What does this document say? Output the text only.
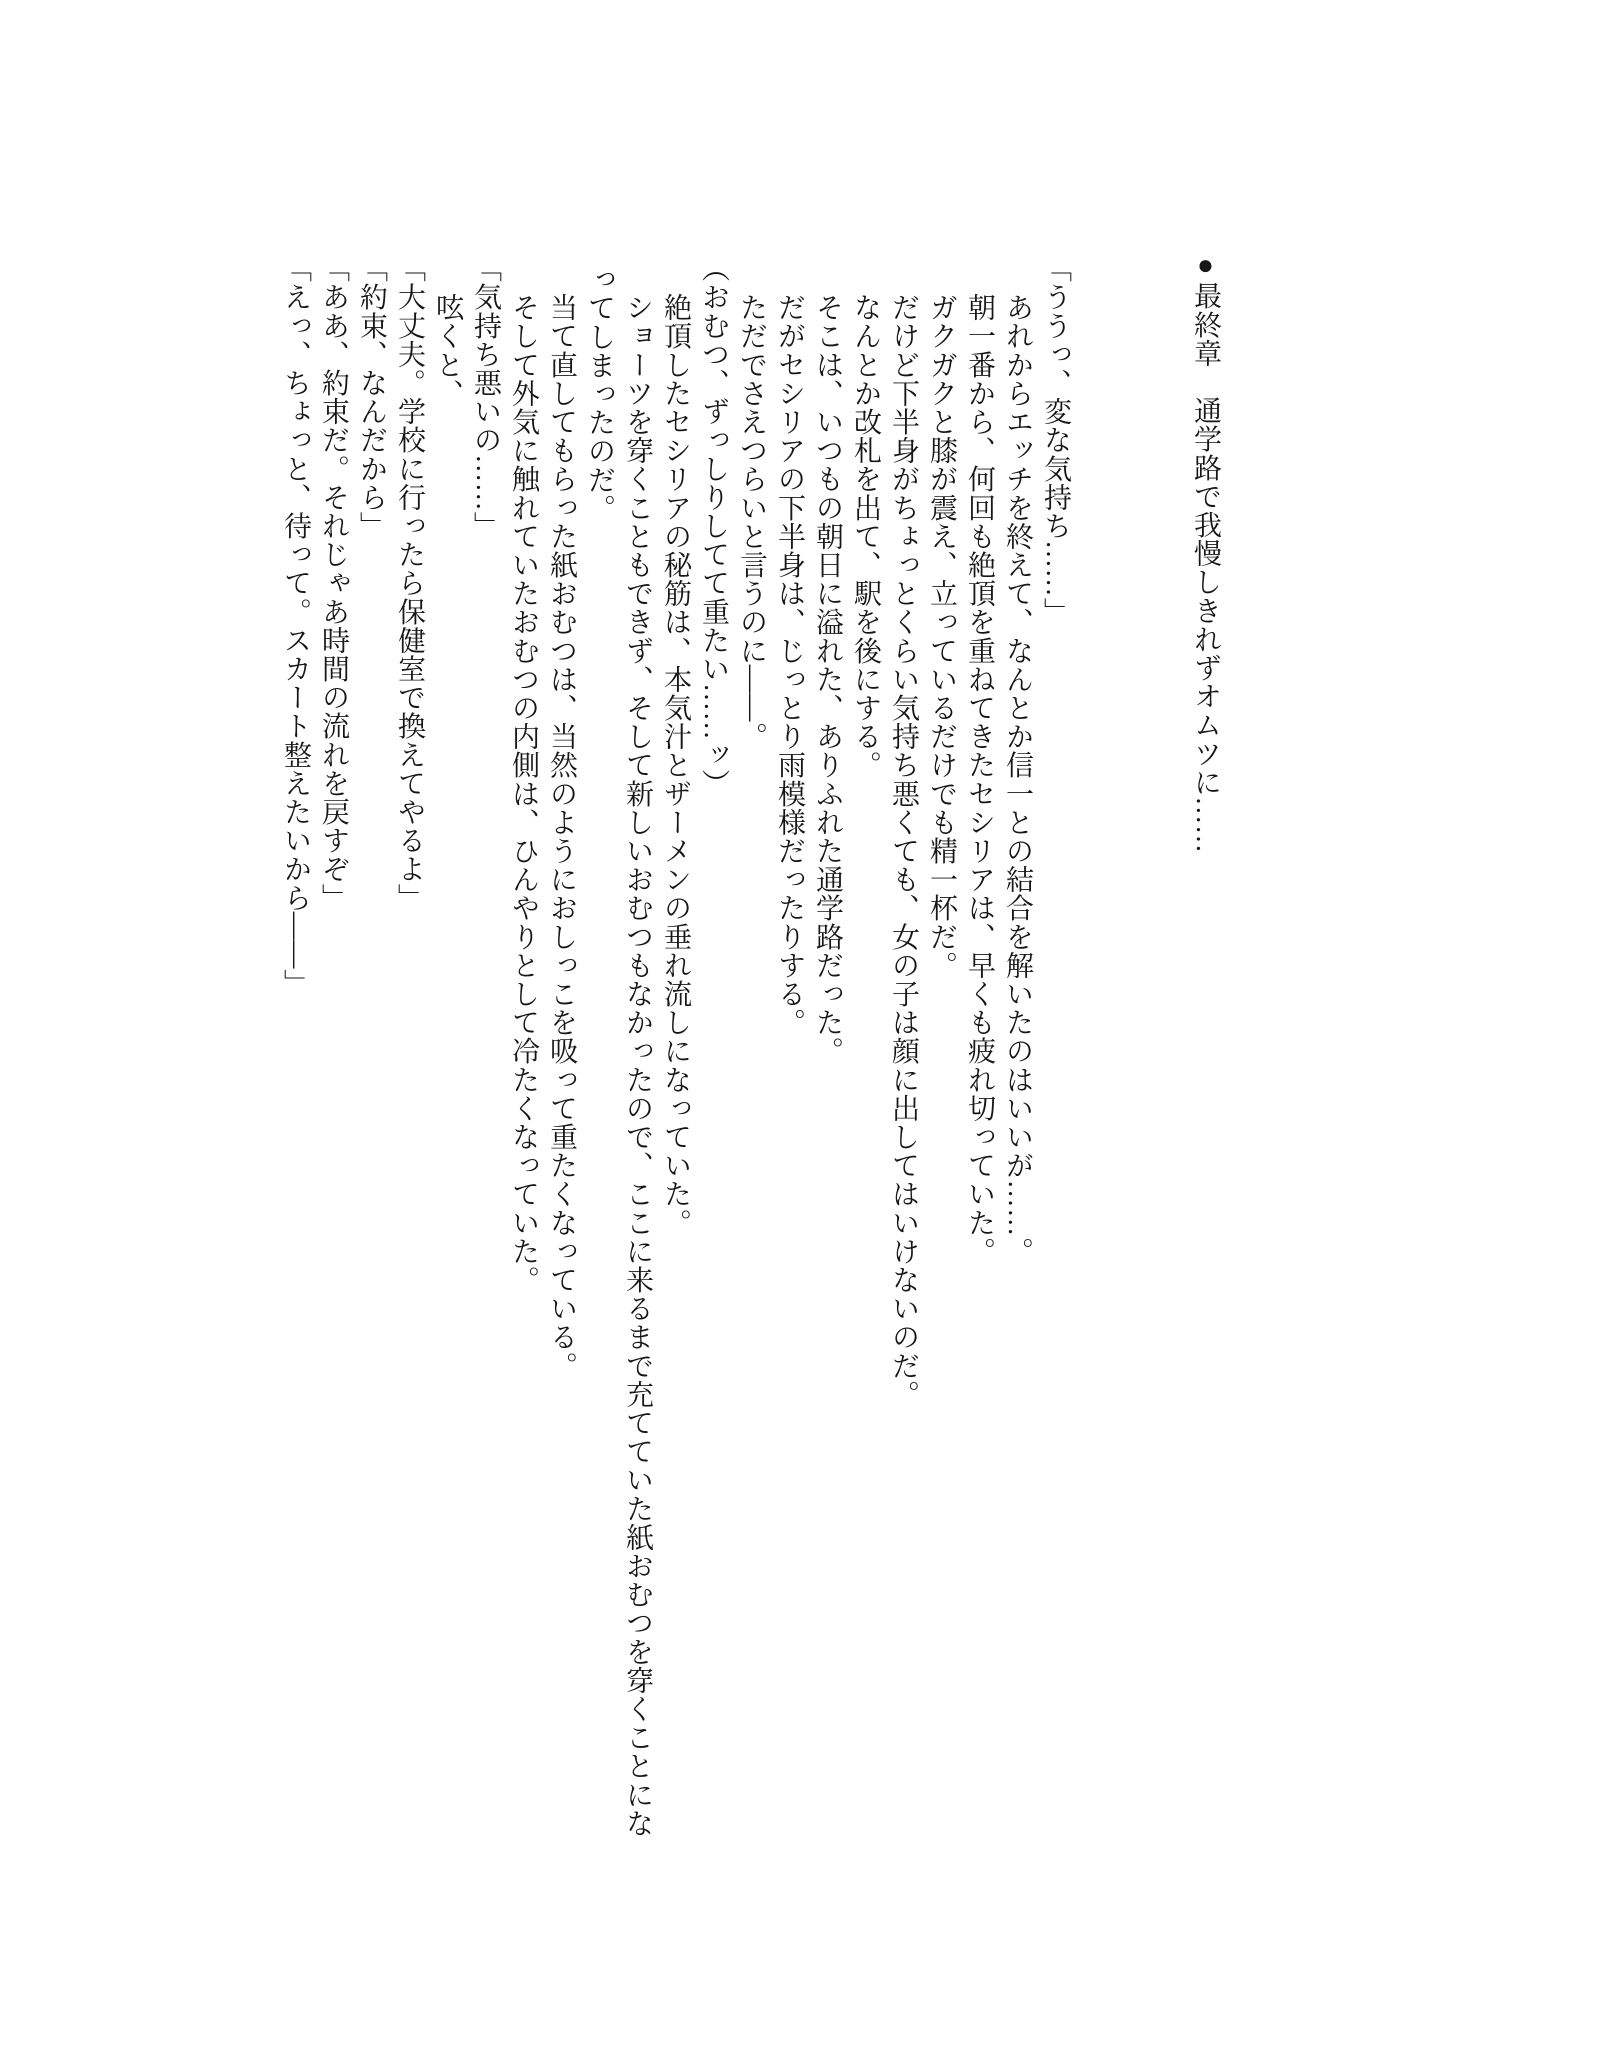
●最終章　通学路で我慢しきれずオムツに……

「ううっ、変な気持ち……」

あれからエッチを終えて、なんとか信一との結合を解いたのはいいが……。

朝一番から、何回も絶頂を重ねてきたセシリアは、早くも疲れ切っていた。

ガクガクと膝が震え、立っているだけでも精一杯だ。

だけど下半身がちょっとくらい気持ち悪くても、女の子は顔に出してはいけないのだ。

なんとか改札を出て、駅を後にする。

そこは、いつもの朝日に溢れた、ありふれた通学路だった。

だがセシリアの下半身は、じっとり雨模様だったりする。

ただでさえつらいと言うのに――。

（おむつ、ずっしりしてて重たい……ッ）

絶頂したセシリアの秘筋は、本気汁とザーメンの垂れ流しになっていた。

ショーツを穿くこともできず、そして新しいおむつもなかったので、ここに来るまで充てていた紙おむつを穿くことになってしまったのだ。

当て直してもらった紙おむつは、当然のようにおしっこを吸って重たくなっている。

そして外気に触れていたおむつの内側は、ひんやりとして冷たくなっていた。

「気持ち悪いの……」

呟くと、

「大丈夫。学校に行ったら保健室で換えてやるよ」

「約束、なんだから」

「ああ、約束だ。それじゃあ時間の流れを戻すぞ」

「えっ、ちょっと、待って。スカート整えたいから――」
